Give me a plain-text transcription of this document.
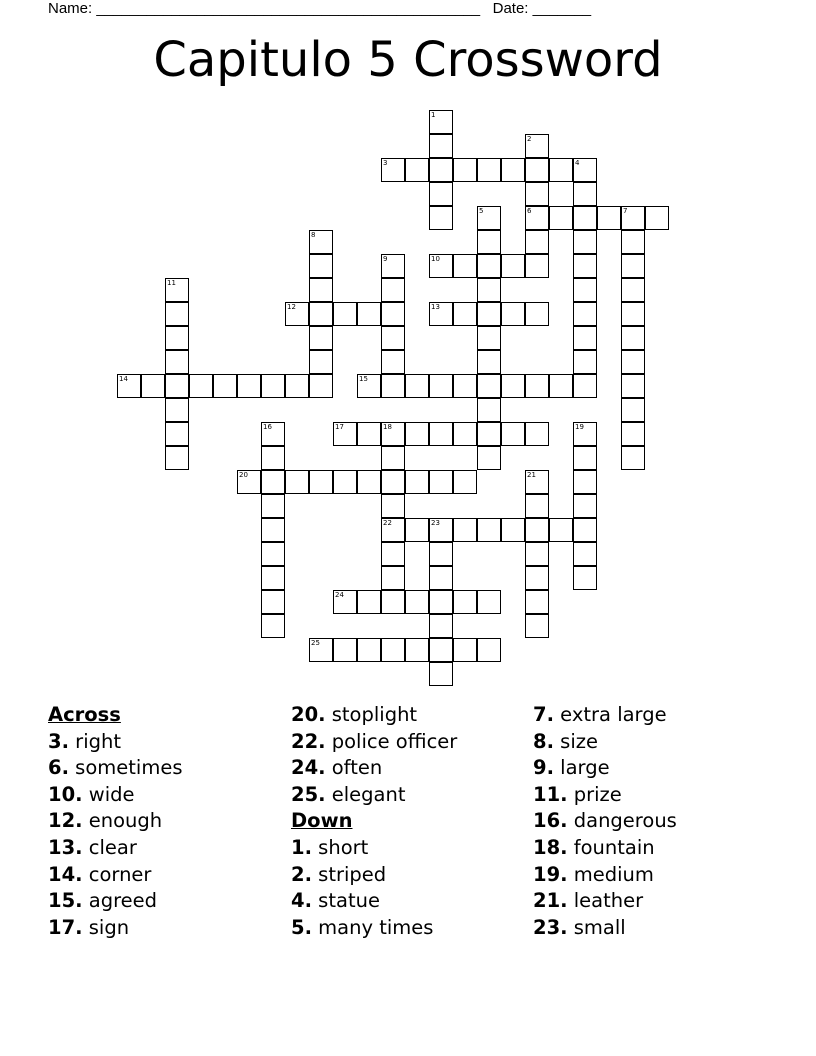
Name: ______________________________________________ Date: _______
Capitulo 5 Crossword
1
2
6
3	4
7
5
8
9	10
11
12	13
14	15
16	17	18
22
19
20	21
23
24
25
Across
3. right
6. sometimes
10. wide
12. enough
13. clear
14. corner
15. agreed
17. sign
20. stoplight
22. police officer
24. often
25. elegant
Down
1. short
2. striped
4. statue
5. many times
7. extra large
8. size
9. large
11. prize
16. dangerous
18. fountain
19. medium
21. leather
23. small
